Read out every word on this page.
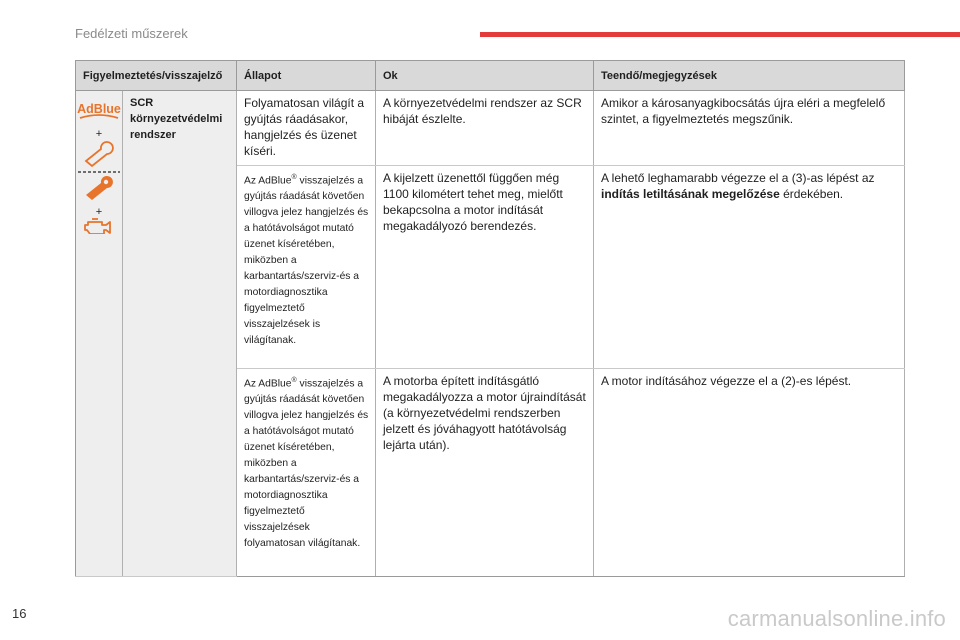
Fedélzeti műszerek
Figyelmeztetés/visszajelző		Állapot	Ok	Teendő/megjegyzések

AdBlue
+
+	SCR környezetvédelmi rendszer	Folyamatosan világít a gyújtás ráadásakor, hangjelzés és üzenet kíséri.	A környezetvédelmi rendszer az SCR hibáját észlelte.	Amikor a károsanyagkibocsátás újra eléri a megfelelő szintet, a figyelmeztetés megszűnik.
		Az AdBlue® visszajelzés a gyújtás ráadását követően villogva jelez hangjelzés és a hatótávolságot mutató üzenet kíséretében, miközben a karbantartás/szerviz-és a motordiagnosztika figyelmeztető visszajelzések is világítanak.	A kijelzett üzenettől függően még 1100 kilométert tehet meg, mielőtt bekapcsolna a motor indítását megakadályozó berendezés.	A lehető leghamarabb végezze el a (3)-as lépést az indítás letiltásának megelőzése érdekében.
		Az AdBlue® visszajelzés a gyújtás ráadását követően villogva jelez hangjelzés és a hatótávolságot mutató üzenet kíséretében, miközben a karbantartás/szerviz-és a motordiagnosztika figyelmeztető visszajelzések folyamatosan világítanak.	A motorba épített indításgátló megakadályozza a motor újraindítását (a környezetvédelmi rendszerben jelzett és jóváhagyott hatótávolság lejárta után).	A motor indításához végezze el a (2)-es lépést.
16	carmanualsonline.info
